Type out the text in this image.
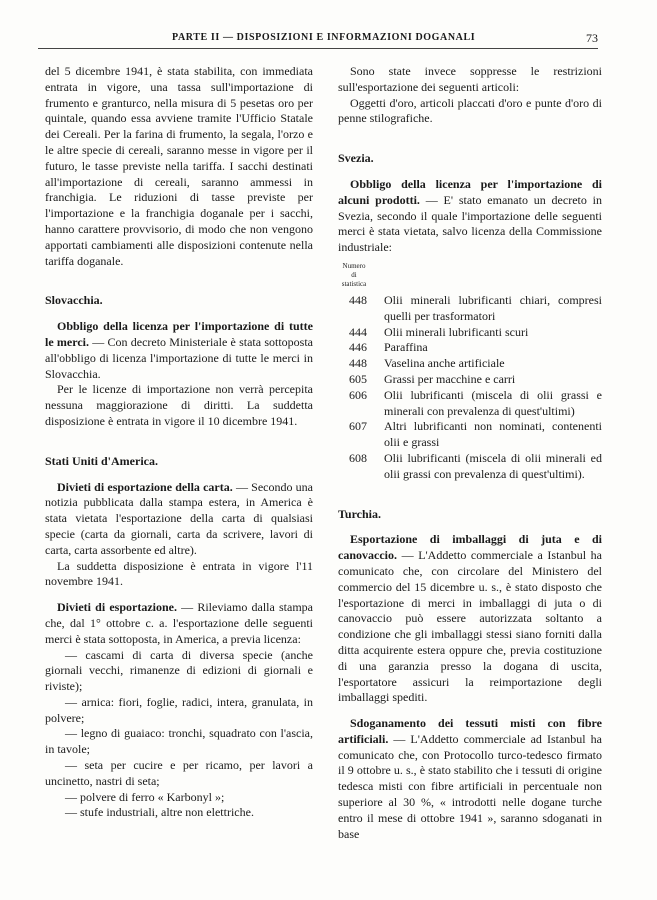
PARTE II — DISPOSIZIONI E INFORMAZIONI DOGANALI	73

del 5 dicembre 1941, è stata stabilita, con immediata entrata in vigore, una tassa sull'importazione di frumento e granturco, nella misura di 5 pesetas oro per quintale, quando essa avviene tramite l'Ufficio Statale dei Cereali. Per la farina di frumento, la segala, l'orzo e le altre specie di cereali, saranno messe in vigore per il futuro, le tasse previste nella tariffa. I sacchi destinati all'importazione di cereali, saranno ammessi in franchigia. Le riduzioni di tasse previste per l'importazione e la franchigia doganale per i sacchi, hanno carattere provvisorio, di modo che non vengono apportati cambiamenti alle disposizioni contenute nella tariffa doganale.

Slovacchia.

Obbligo della licenza per l'importazione di tutte le merci. — Con decreto Ministeriale è stata sottoposta all'obbligo di licenza l'importazione di tutte le merci in Slovacchia.

Per le licenze di importazione non verrà percepita nessuna maggiorazione di diritti. La suddetta disposizione è entrata in vigore il 10 dicembre 1941.

Stati Uniti d'America.

Divieti di esportazione della carta. — Secondo una notizia pubblicata dalla stampa estera, in America è stata vietata l'esportazione della carta di qualsiasi specie (carta da giornali, carta da scrivere, lavori di carta, carta assorbente ed altre).

La suddetta disposizione è entrata in vigore l'11 novembre 1941.

Divieti di esportazione. — Rileviamo dalla stampa che, dal 1° ottobre c. a. l'esportazione delle seguenti merci è stata sottoposta, in America, a previa licenza:

— cascami di carta di diversa specie (anche giornali vecchi, rimanenze di edizioni di giornali e riviste);

— arnica: fiori, foglie, radici, intera, granulata, in polvere;

— legno di guaiaco: tronchi, squadrato con l'ascia, in tavole;

— seta per cucire e per ricamo, per lavori a uncinetto, nastri di seta;

— polvere di ferro « Karbonyl »;

— stufe industriali, altre non elettriche.

Sono state invece soppresse le restrizioni sull'esportazione dei seguenti articoli:

Oggetti d'oro, articoli placcati d'oro e punte d'oro di penne stilografiche.

Svezia.

Obbligo della licenza per l'importazione di alcuni prodotti. — E' stato emanato un decreto in Svezia, secondo il quale l'importazione delle seguenti merci è stata vietata, salvo licenza della Commissione industriale:

Numero
di
statistica
448	Olii minerali lubrificanti chiari, compresi quelli per trasformatori
444	Olii minerali lubrificanti scuri
446	Paraffina
448	Vaselina anche artificiale
605	Grassi per macchine e carri
606	Olii lubrificanti (miscela di olii grassi e minerali con prevalenza di quest'ultimi)
607	Altri lubrificanti non nominati, contenenti olii e grassi
608	Olii lubrificanti (miscela di olii minerali ed olii grassi con prevalenza di quest'ultimi).

Turchia.

Esportazione di imballaggi di juta e di canovaccio. — L'Addetto commerciale a Istanbul ha comunicato che, con circolare del Ministero del commercio del 15 dicembre u. s., è stato disposto che l'esportazione di merci in imballaggi di juta o di canovaccio può essere autorizzata soltanto a condizione che gli imballaggi stessi siano forniti dalla ditta acquirente estera oppure che, previa costituzione di una garanzia presso la dogana di uscita, l'esportatore assicuri la reimportazione degli imballaggi spediti.

Sdoganamento dei tessuti misti con fibre artificiali. — L'Addetto commerciale ad Istanbul ha comunicato che, con Protocollo turco-tedesco firmato il 9 ottobre u. s., è stato stabilito che i tessuti di origine tedesca misti con fibre artificiali in percentuale non superiore al 30 %, « introdotti nelle dogane turche entro il mese di ottobre 1941 », saranno sdoganati in base
